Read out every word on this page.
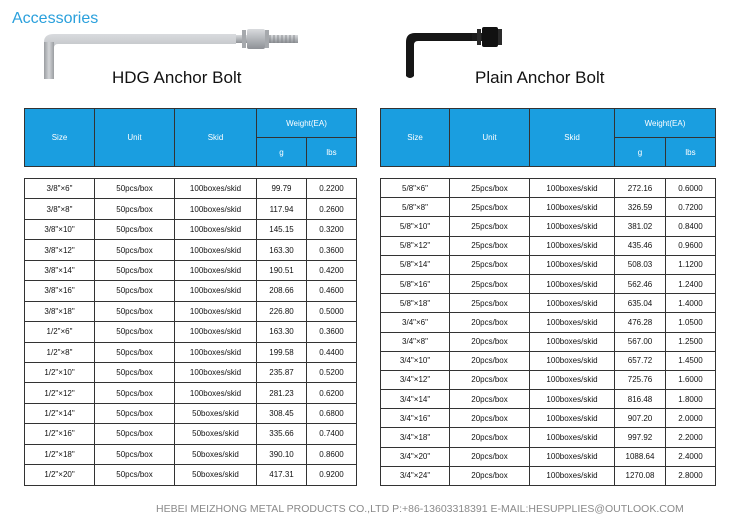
Accessories
HDG Anchor Bolt	Plain Anchor Bolt
Size	Unit	Skid	Weight(EA)	
			g	lbs

3/8"×6"	50pcs/box	100boxes/skid	99.79	0.2200
3/8"×8"	50pcs/box	100boxes/skid	117.94	0.2600
3/8"×10"	50pcs/box	100boxes/skid	145.15	0.3200
3/8"×12"	50pcs/box	100boxes/skid	163.30	0.3600
3/8"×14"	50pcs/box	100boxes/skid	190.51	0.4200
3/8"×16"	50pcs/box	100boxes/skid	208.66	0.4600
3/8"×18"	50pcs/box	100boxes/skid	226.80	0.5000
1/2"×6"	50pcs/box	100boxes/skid	163.30	0.3600
1/2"×8"	50pcs/box	100boxes/skid	199.58	0.4400
1/2"×10"	50pcs/box	100boxes/skid	235.87	0.5200
1/2"×12"	50pcs/box	100boxes/skid	281.23	0.6200
1/2"×14"	50pcs/box	50boxes/skid	308.45	0.6800
1/2"×16"	50pcs/box	50boxes/skid	335.66	0.7400
1/2"×18"	50pcs/box	50boxes/skid	390.10	0.8600
1/2"×20"	50pcs/box	50boxes/skid	417.31	0.9200
Size	Unit	Skid	Weight(EA)	
			g	lbs

5/8"×6"	25pcs/box	100boxes/skid	272.16	0.6000
5/8"×8"	25pcs/box	100boxes/skid	326.59	0.7200
5/8"×10"	25pcs/box	100boxes/skid	381.02	0.8400
5/8"×12"	25pcs/box	100boxes/skid	435.46	0.9600
5/8"×14"	25pcs/box	100boxes/skid	508.03	1.1200
5/8"×16"	25pcs/box	100boxes/skid	562.46	1.2400
5/8"×18"	25pcs/box	100boxes/skid	635.04	1.4000
3/4"×6"	20pcs/box	100boxes/skid	476.28	1.0500
3/4"×8"	20pcs/box	100boxes/skid	567.00	1.2500
3/4"×10"	20pcs/box	100boxes/skid	657.72	1.4500
3/4"×12"	20pcs/box	100boxes/skid	725.76	1.6000
3/4"×14"	20pcs/box	100boxes/skid	816.48	1.8000
3/4"×16"	20pcs/box	100boxes/skid	907.20	2.0000
3/4"×18"	20pcs/box	100boxes/skid	997.92	2.2000
3/4"×20"	20pcs/box	100boxes/skid	1088.64	2.4000
3/4"×24"	20pcs/box	100boxes/skid	1270.08	2.8000
HEBEI MEIZHONG METAL PRODUCTS CO.,LTD P:+86-13603318391 E-MAIL:HESUPPLIES@OUTLOOK.COM
